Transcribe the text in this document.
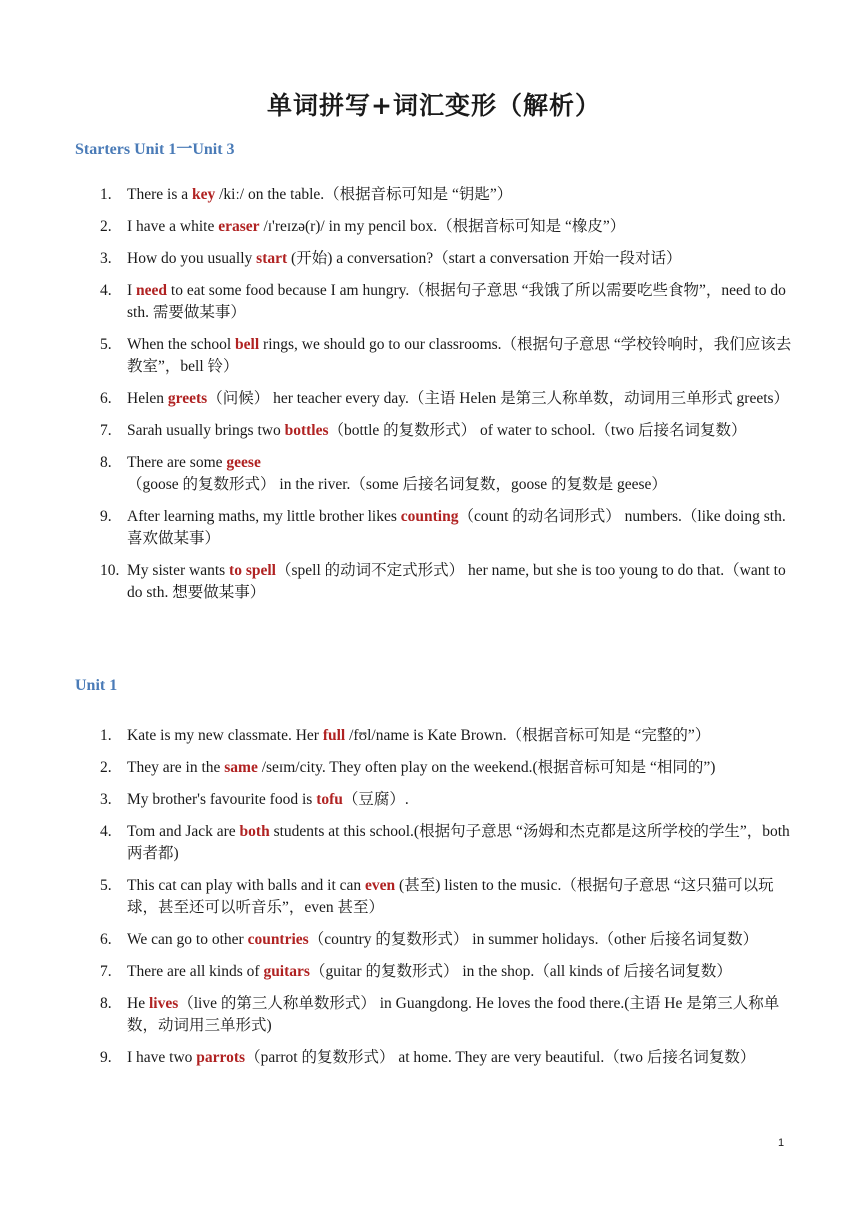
单词拼写+词汇变形（解析）
Starters Unit 1一Unit 3
1. There is a key /kiː/ on the table.（根据音标可知是 “钥匙”）
2. I have a white eraser /ɪ'reɪzə(r)/ in my pencil box.（根据音标可知是 “橡皮”）
3. How do you usually start (开始) a conversation?（start a conversation 开始一段对话）
4. I need to eat some food because I am hungry.（根据句子意思 “我饿了所以需要吃些食物”，need to do sth. 需要做某事）
5. When the school bell rings, we should go to our classrooms.（根据句子意思 “学校铃响时，我们应该去教室”，bell 铃）
6. Helen greets（问候） her teacher every day.（主语 Helen 是第三人称单数，动词用三单形式 greets）
7. Sarah usually brings two bottles（bottle 的复数形式） of water to school.（two 后接名词复数）
8. There are some geese（goose 的复数形式） in the river.（some 后接名词复数，goose 的复数是 geese）
9. After learning maths, my little brother likes counting（count 的动名词形式） numbers.（like doing sth. 喜欢做某事）
10. My sister wants to spell（spell 的动词不定式形式） her name, but she is too young to do that.（want to do sth. 想要做某事）
Unit 1
1. Kate is my new classmate. Her full /fʊl/name is Kate Brown.（根据音标可知是 “完整的”）
2. They are in the same /seɪm/city. They often play on the weekend.(根据音标可知是 “相同的”)
3. My brother's favourite food is tofu（豆腐）.
4. Tom and Jack are both students at this school.(根据句子意思 “汤姆和杰克都是这所学校的学生”，both 两者都)
5. This cat can play with balls and it can even (甚至) listen to the music.（根据句子意思 “这只猫可以玩球，甚至还可以听音乐”，even 甚至）
6. We can go to other countries（country 的复数形式） in summer holidays.（other 后接名词复数）
7. There are all kinds of guitars（guitar 的复数形式） in the shop.（all kinds of 后接名词复数）
8. He lives（live 的第三人称单数形式） in Guangdong. He loves the food there.(主语 He 是第三人称单数，动词用三单形式)
9. I have two parrots（parrot 的复数形式） at home. They are very beautiful.（two 后接名词复数）
1
